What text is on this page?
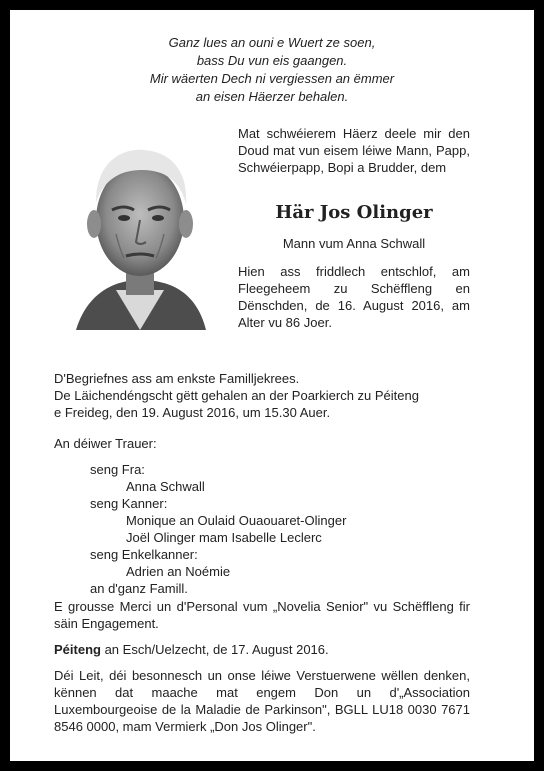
Ganz lues an ouni e Wuert ze soen,
bass Du vun eis gaangen.
Mir wäerten Dech ni vergiessen an ëmmer
an eisen Häerzer behalen.
Mat schwéierem Häerz deele mir den Doud mat vun eisem léiwe Mann, Papp, Schwéierpapp, Bopi a Brudder, dem
Här Jos Olinger
Mann vum Anna Schwall
Hien ass friddlech entschlof, am Fleegeheem zu Schëffleng en Dënschden, de 16. August 2016, am Alter vu 86 Joer.
D'Begriefnes ass am enkste Familljekrees.
De Läichendéngscht gëtt gehalen an der Poarkierch zu Péiteng
e Freideg, den 19. August 2016, um 15.30 Auer.
An déiwer Trauer:
seng Fra:
Anna Schwall
seng Kanner:
Monique an Oulaid Ouaouaret-Olinger
Joël Olinger mam Isabelle Leclerc
seng Enkelkanner:
Adrien an Noémie
an d'ganz Famill.
E grousse Merci un d'Personal vum „Novelia Senior" vu Schëffleng fir säin Engagement.
Péiteng an Esch/Uelzecht, de 17. August 2016.
Déi Leit, déi besonnesch un onse léiwe Verstuerwene wëllen denken, kënnen dat maache mat engem Don un d'„Association Luxembourgeoise de la Maladie de Parkinson", BGLL LU18 0030 7671 8546 0000, mam Vermierk „Don Jos Olinger".
